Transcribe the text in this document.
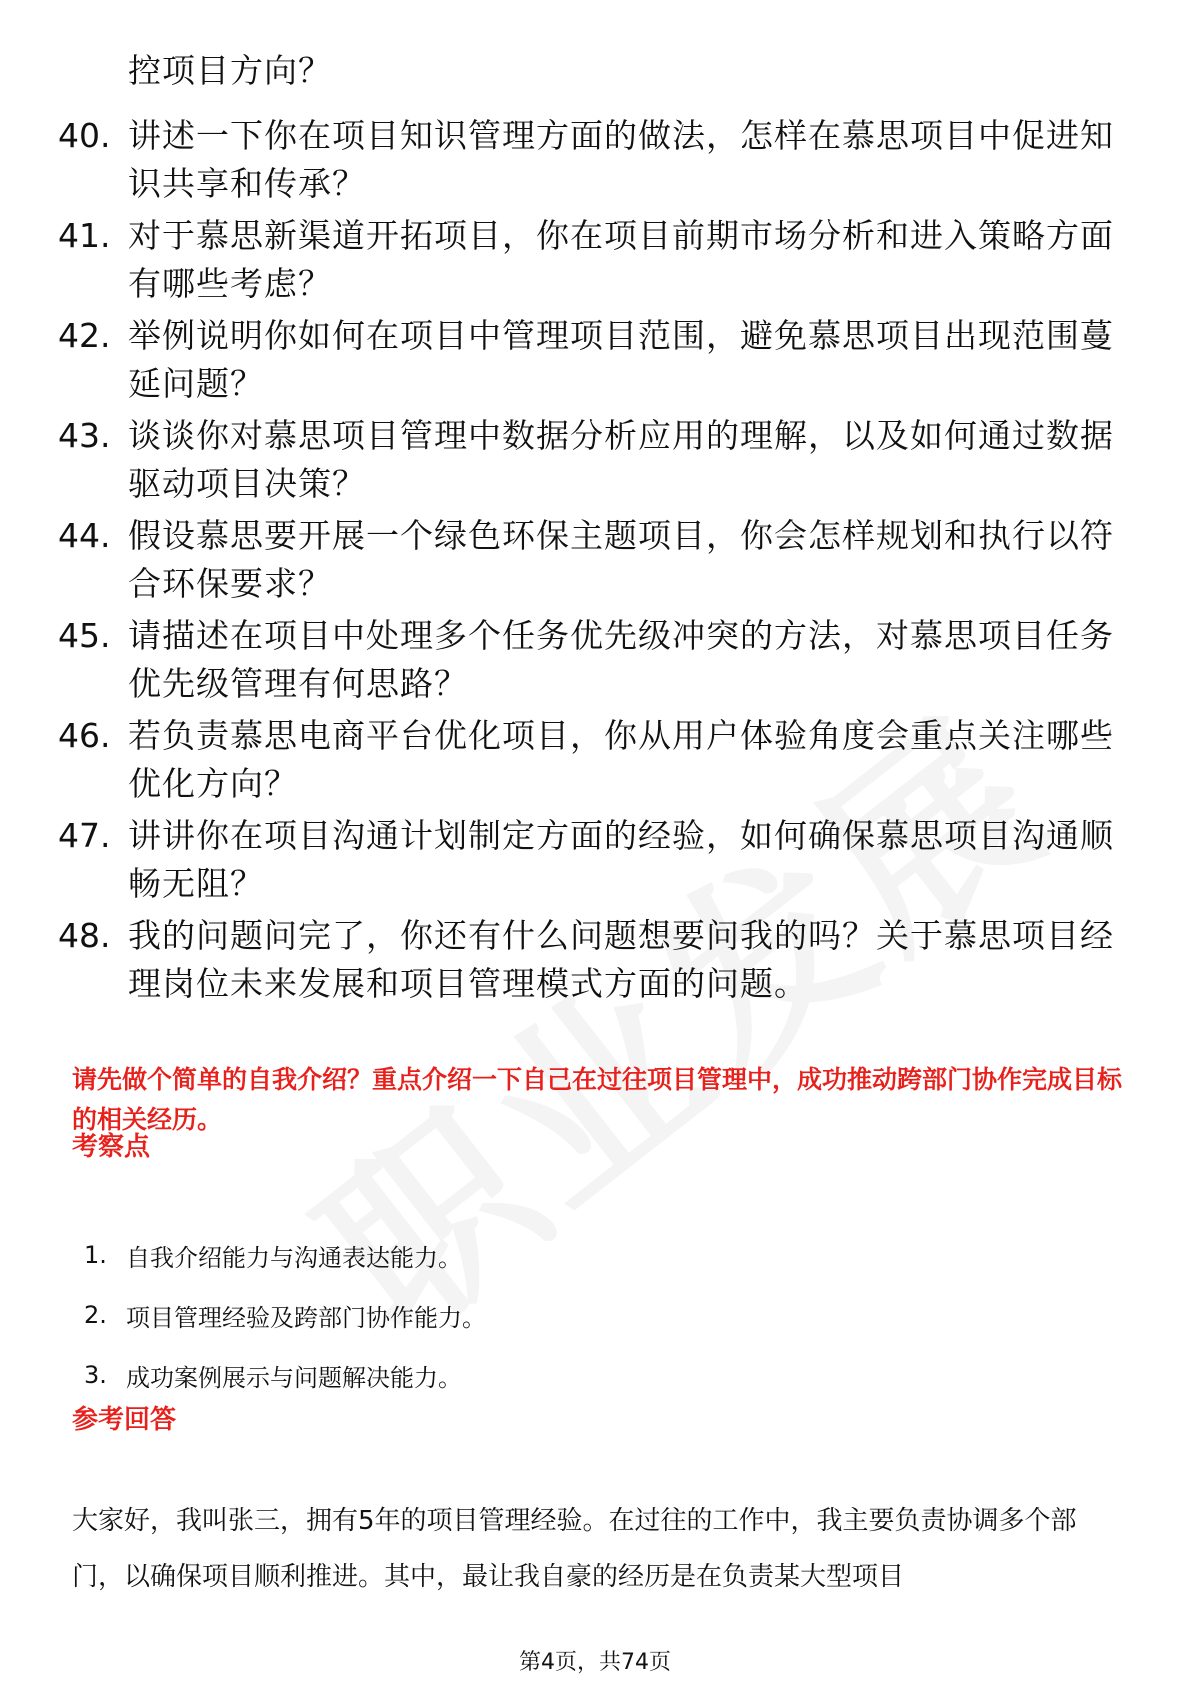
控项目方向？
40. 讲述一下你在项目知识管理方面的做法，怎样在慕思项目中促进知识共享和传承？
41. 对于慕思新渠道开拓项目，你在项目前期市场分析和进入策略方面有哪些考虑？
42. 举例说明你如何在项目中管理项目范围，避免慕思项目出现范围蔓延问题？
43. 谈谈你对慕思项目管理中数据分析应用的理解，以及如何通过数据驱动项目决策？
44. 假设慕思要开展一个绿色环保主题项目，你会怎样规划和执行以符合环保要求？
45. 请描述在项目中处理多个任务优先级冲突的方法，对慕思项目任务优先级管理有何思路？
46. 若负责慕思电商平台优化项目，你从用户体验角度会重点关注哪些优化方向？
47. 讲讲你在项目沟通计划制定方面的经验，如何确保慕思项目沟通顺畅无阻？
48. 我的问题问完了，你还有什么问题想要问我的吗？关于慕思项目经理岗位未来发展和项目管理模式方面的问题。
请先做个简单的自我介绍？重点介绍一下自己在过往项目管理中，成功推动跨部门协作完成目标的相关经历。
考察点
1. 自我介绍能力与沟通表达能力。
2. 项目管理经验及跨部门协作能力。
3. 成功案例展示与问题解决能力。
参考回答

大家好，我叫张三，拥有5年的项目管理经验。在过往的工作中，我主要负责协调多个部门，以确保项目顺利推进。其中，最让我自豪的经历是在负责某大型项目

第4页，共74页
